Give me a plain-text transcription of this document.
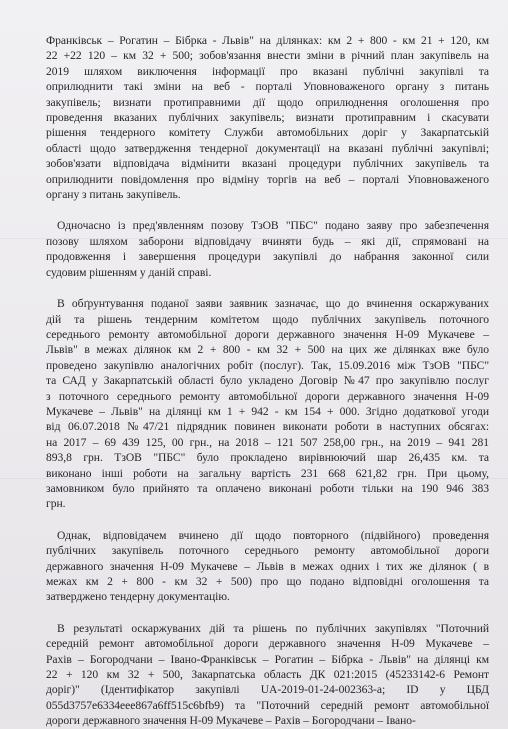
Франківськ – Рогатин – Бібрка - Львів" на ділянках: км 2 + 800 - км 21 + 120, км
22 +22 120 – км 32 + 500; зобов'язання внести зміни в річний план закупівель на
2019 шляхом виключення інформації про вказані публічні закупівлі та
оприлюднити такі зміни на веб - порталі Уповноваженого органу з питань
закупівель; визнати протиправними дії щодо оприлюднення оголошення про
проведення вказаних публічних закупівель; визнати протиправним і скасувати
рішення тендерного комітету Служби автомобільних доріг у Закарпатській
області щодо затвердження тендерної документації на вказані публічні закупівлі;
зобов'язати відповідача відмінити вказані процедури публічних закупівель та
оприлюднити повідомлення про відміну торгів на веб – порталі Уповноваженого
органу з питань закупівель.
Одночасно із пред'явленням позову ТзОВ "ПБС" подано заяву про забезпечення
позову шляхом заборони відповідачу вчиняти будь – які дії, спрямовані на
продовження і завершення процедури закупівлі до набрання законної сили
судовим рішенням у даній справі.
В обґрунтування поданої заяви заявник зазначає, що до вчинення оскаржуваних
дій та рішень тендерним комітетом щодо публічних закупівель поточного
середнього ремонту автомобільної дороги державного значення Н-09 Мукачеве –
Львів" в межах ділянок км 2 + 800 - км 32 + 500 на цих же ділянках вже було
проведено закупівлю аналогічних робіт (послуг). Так, 15.09.2016 між ТзОВ "ПБС"
та САД у Закарпатській області було укладено Договір №47 про закупівлю послуг
з поточного середнього ремонту автомобільної дороги державного значення Н-09
Мукачеве – Львів" на ділянці км 1 + 942 - км 154 + 000. Згідно додаткової угоди
від 06.07.2018 №47/21 підрядник повинен виконати роботи в наступних обсягах:
на 2017 – 69 439 125, 00 грн., на 2018 – 121 507 258,00 грн., на 2019 – 941 281
893,8 грн. ТзОВ "ПБС" було прокладено вирівнюючий шар 26,435 км. та
виконано інші роботи на загальну вартість 231 668 621,82 грн. При цьому,
замовником було прийнято та оплачено виконані роботи тільки на 190 946 383
грн.
Однак, відповідачем вчинено дії щодо повторного (підвійного) проведення
публічних закупівель поточного середнього ремонту автомобільної дороги
державного значення Н-09 Мукачеве – Львів в межах одних і тих же ділянок ( в
межах км 2 + 800 - км 32 + 500) про що подано відповідні оголошення та
затверджено тендерну документацію.
В результаті оскаржуваних дій та рішень по публічних закупівлях "Поточний
середній ремонт автомобільної дороги державного значення Н-09 Мукачеве –
Рахів – Богородчани – Івано-Франківськ – Рогатин – Бібрка - Львів" на ділянці км
22 + 120 км 32 + 500, Закарпатська область ДК 021:2015 (45233142-6 Ремонт
доріг)" (Ідентифікатор закупівлі UA-2019-01-24-002363-а; ID у ЦБД
055d3757e6334eee867a6ff515c6bfb9) та "Поточний середній ремонт автомобільної
дороги державного значення Н-09 Мукачеве – Рахів – Богородчани – Івано-
